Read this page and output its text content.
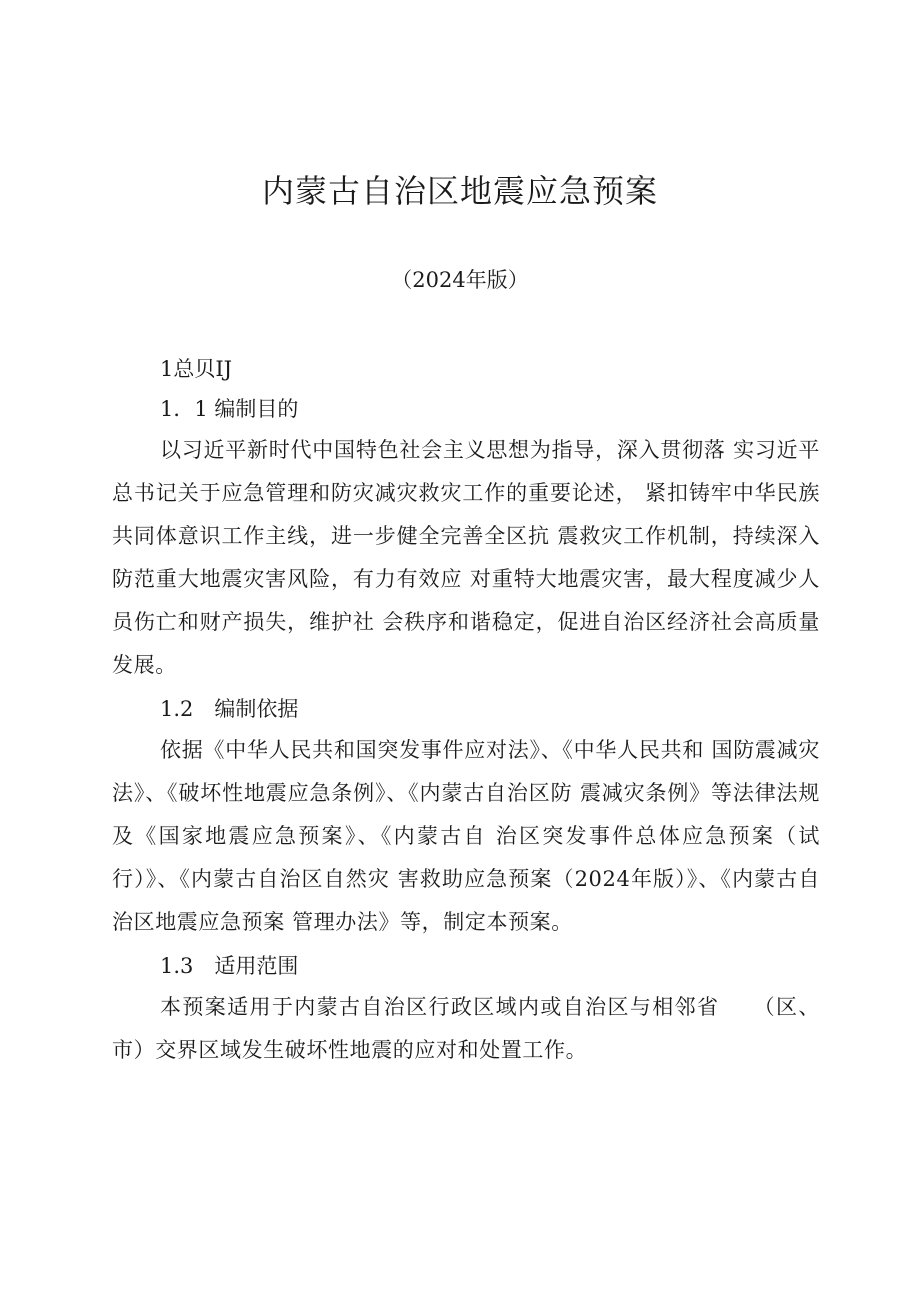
内蒙古自治区地震应急预案

（2024年版）

1总贝IJ

1．1 编制目的

以习近平新时代中国特色社会主义思想为指导，深入贯彻落 实习近平总书记关于应急管理和防灾减灾救灾工作的重要论述， 紧扣铸牢中华民族共同体意识工作主线，进一步健全完善全区抗 震救灾工作机制，持续深入防范重大地震灾害风险，有力有效应 对重特大地震灾害，最大程度减少人员伤亡和财产损失，维护社 会秩序和谐稳定，促进自治区经济社会高质量发展。

1.2　编制依据

依据《中华人民共和国突发事件应对法》、《中华人民共和 国防震减灾法》、《破坏性地震应急条例》、《内蒙古自治区防 震减灾条例》等法律法规及《国家地震应急预案》、《内蒙古自 治区突发事件总体应急预案（试行）》、《内蒙古自治区自然灾 害救助应急预案（2024年版）》、《内蒙古自治区地震应急预案 管理办法》等，制定本预案。

1.3　适用范围

本预案适用于内蒙古自治区行政区域内或自治区与相邻省　　（区、市）交界区域发生破坏性地震的应对和处置工作。
